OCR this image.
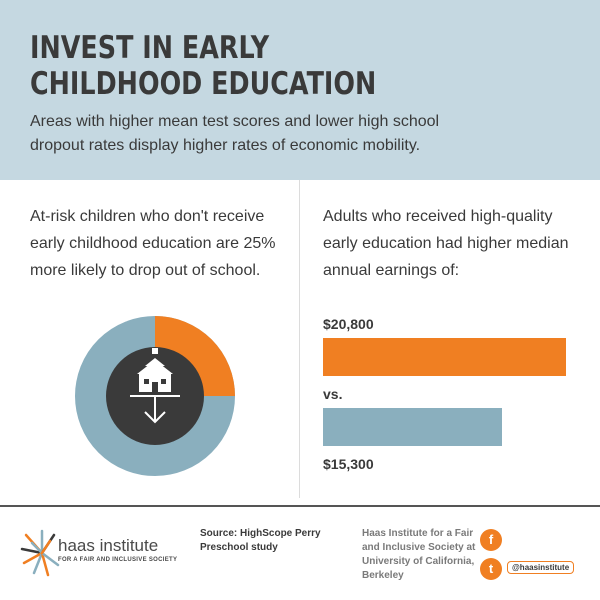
INVEST IN EARLY
CHILDHOOD EDUCATION
Areas with higher mean test scores and lower high school
dropout rates display higher rates of economic mobility.
At-risk children who don't receive
early childhood education are 25%
more likely to drop out of school.
Adults who received high-quality
early education had higher median
annual earnings of:
$20,800
vs.
$15,300
haas institute
FOR A FAIR AND INCLUSIVE SOCIETY
Source: HighScope Perry
Preschool study
Haas Institute for a Fair
and Inclusive Society at
University of California,
Berkeley
f
t	@haasinstitute
